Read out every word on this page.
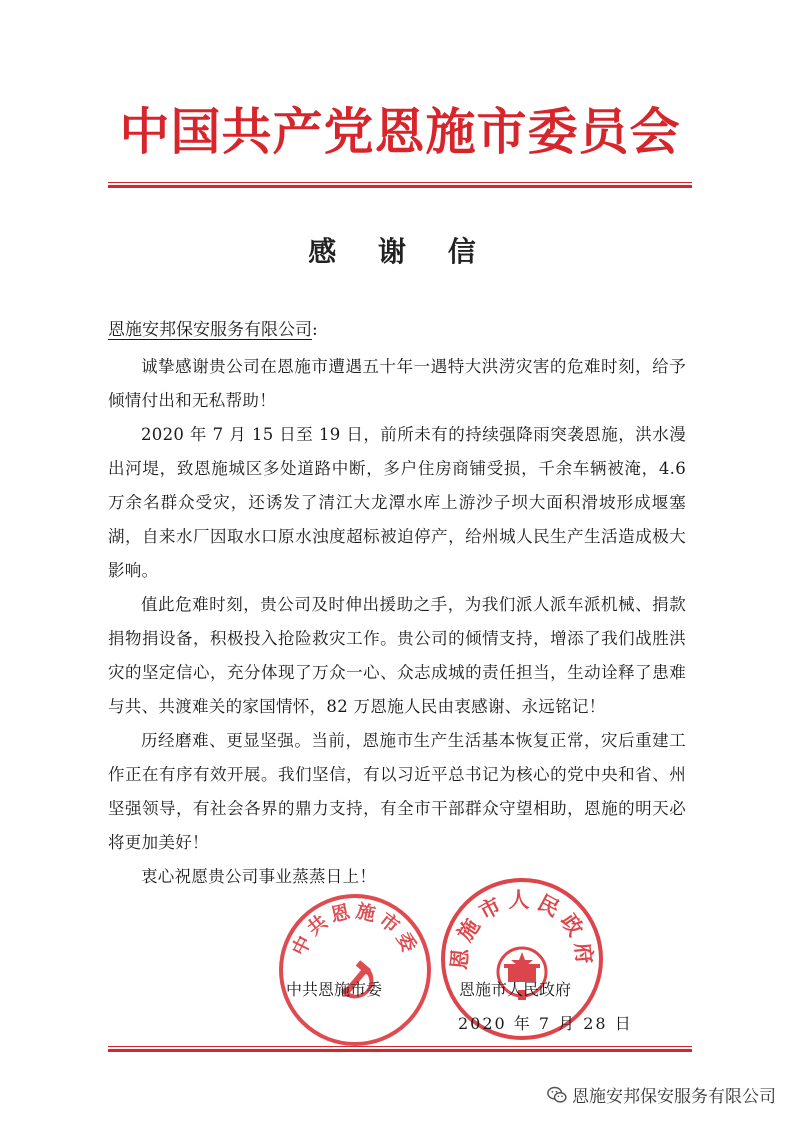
中国共产党恩施市委员会
感 谢 信
恩施安邦保安服务有限公司:

诚挚感谢贵公司在恩施市遭遇五十年一遇特大洪涝灾害的危难时刻，给予倾情付出和无私帮助！

2020 年 7 月 15 日至 19 日，前所未有的持续强降雨突袭恩施，洪水漫出河堤，致恩施城区多处道路中断，多户住房商铺受损，千余车辆被淹，4.6 万余名群众受灾，还诱发了清江大龙潭水库上游沙子坝大面积滑坡形成堰塞湖，自来水厂因取水口原水浊度超标被迫停产，给州城人民生产生活造成极大影响。

值此危难时刻，贵公司及时伸出援助之手，为我们派人派车派机械、捐款捐物捐设备，积极投入抢险救灾工作。贵公司的倾情支持，增添了我们战胜洪灾的坚定信心，充分体现了万众一心、众志成城的责任担当，生动诠释了患难与共、共渡难关的家国情怀，82 万恩施人民由衷感谢、永远铭记！

历经磨难、更显坚强。当前，恩施市生产生活基本恢复正常，灾后重建工作正在有序有效开展。我们坚信，有以习近平总书记为核心的党中央和省、州坚强领导，有社会各界的鼎力支持，有全市干部群众守望相助，恩施的明天必将更加美好！

衷心祝愿贵公司事业蒸蒸日上！

中共恩施市委 恩施市人民政府
中共恩施市委	恩施市人民政府
2020 年 7 月 28 日
恩施安邦保安服务有限公司
